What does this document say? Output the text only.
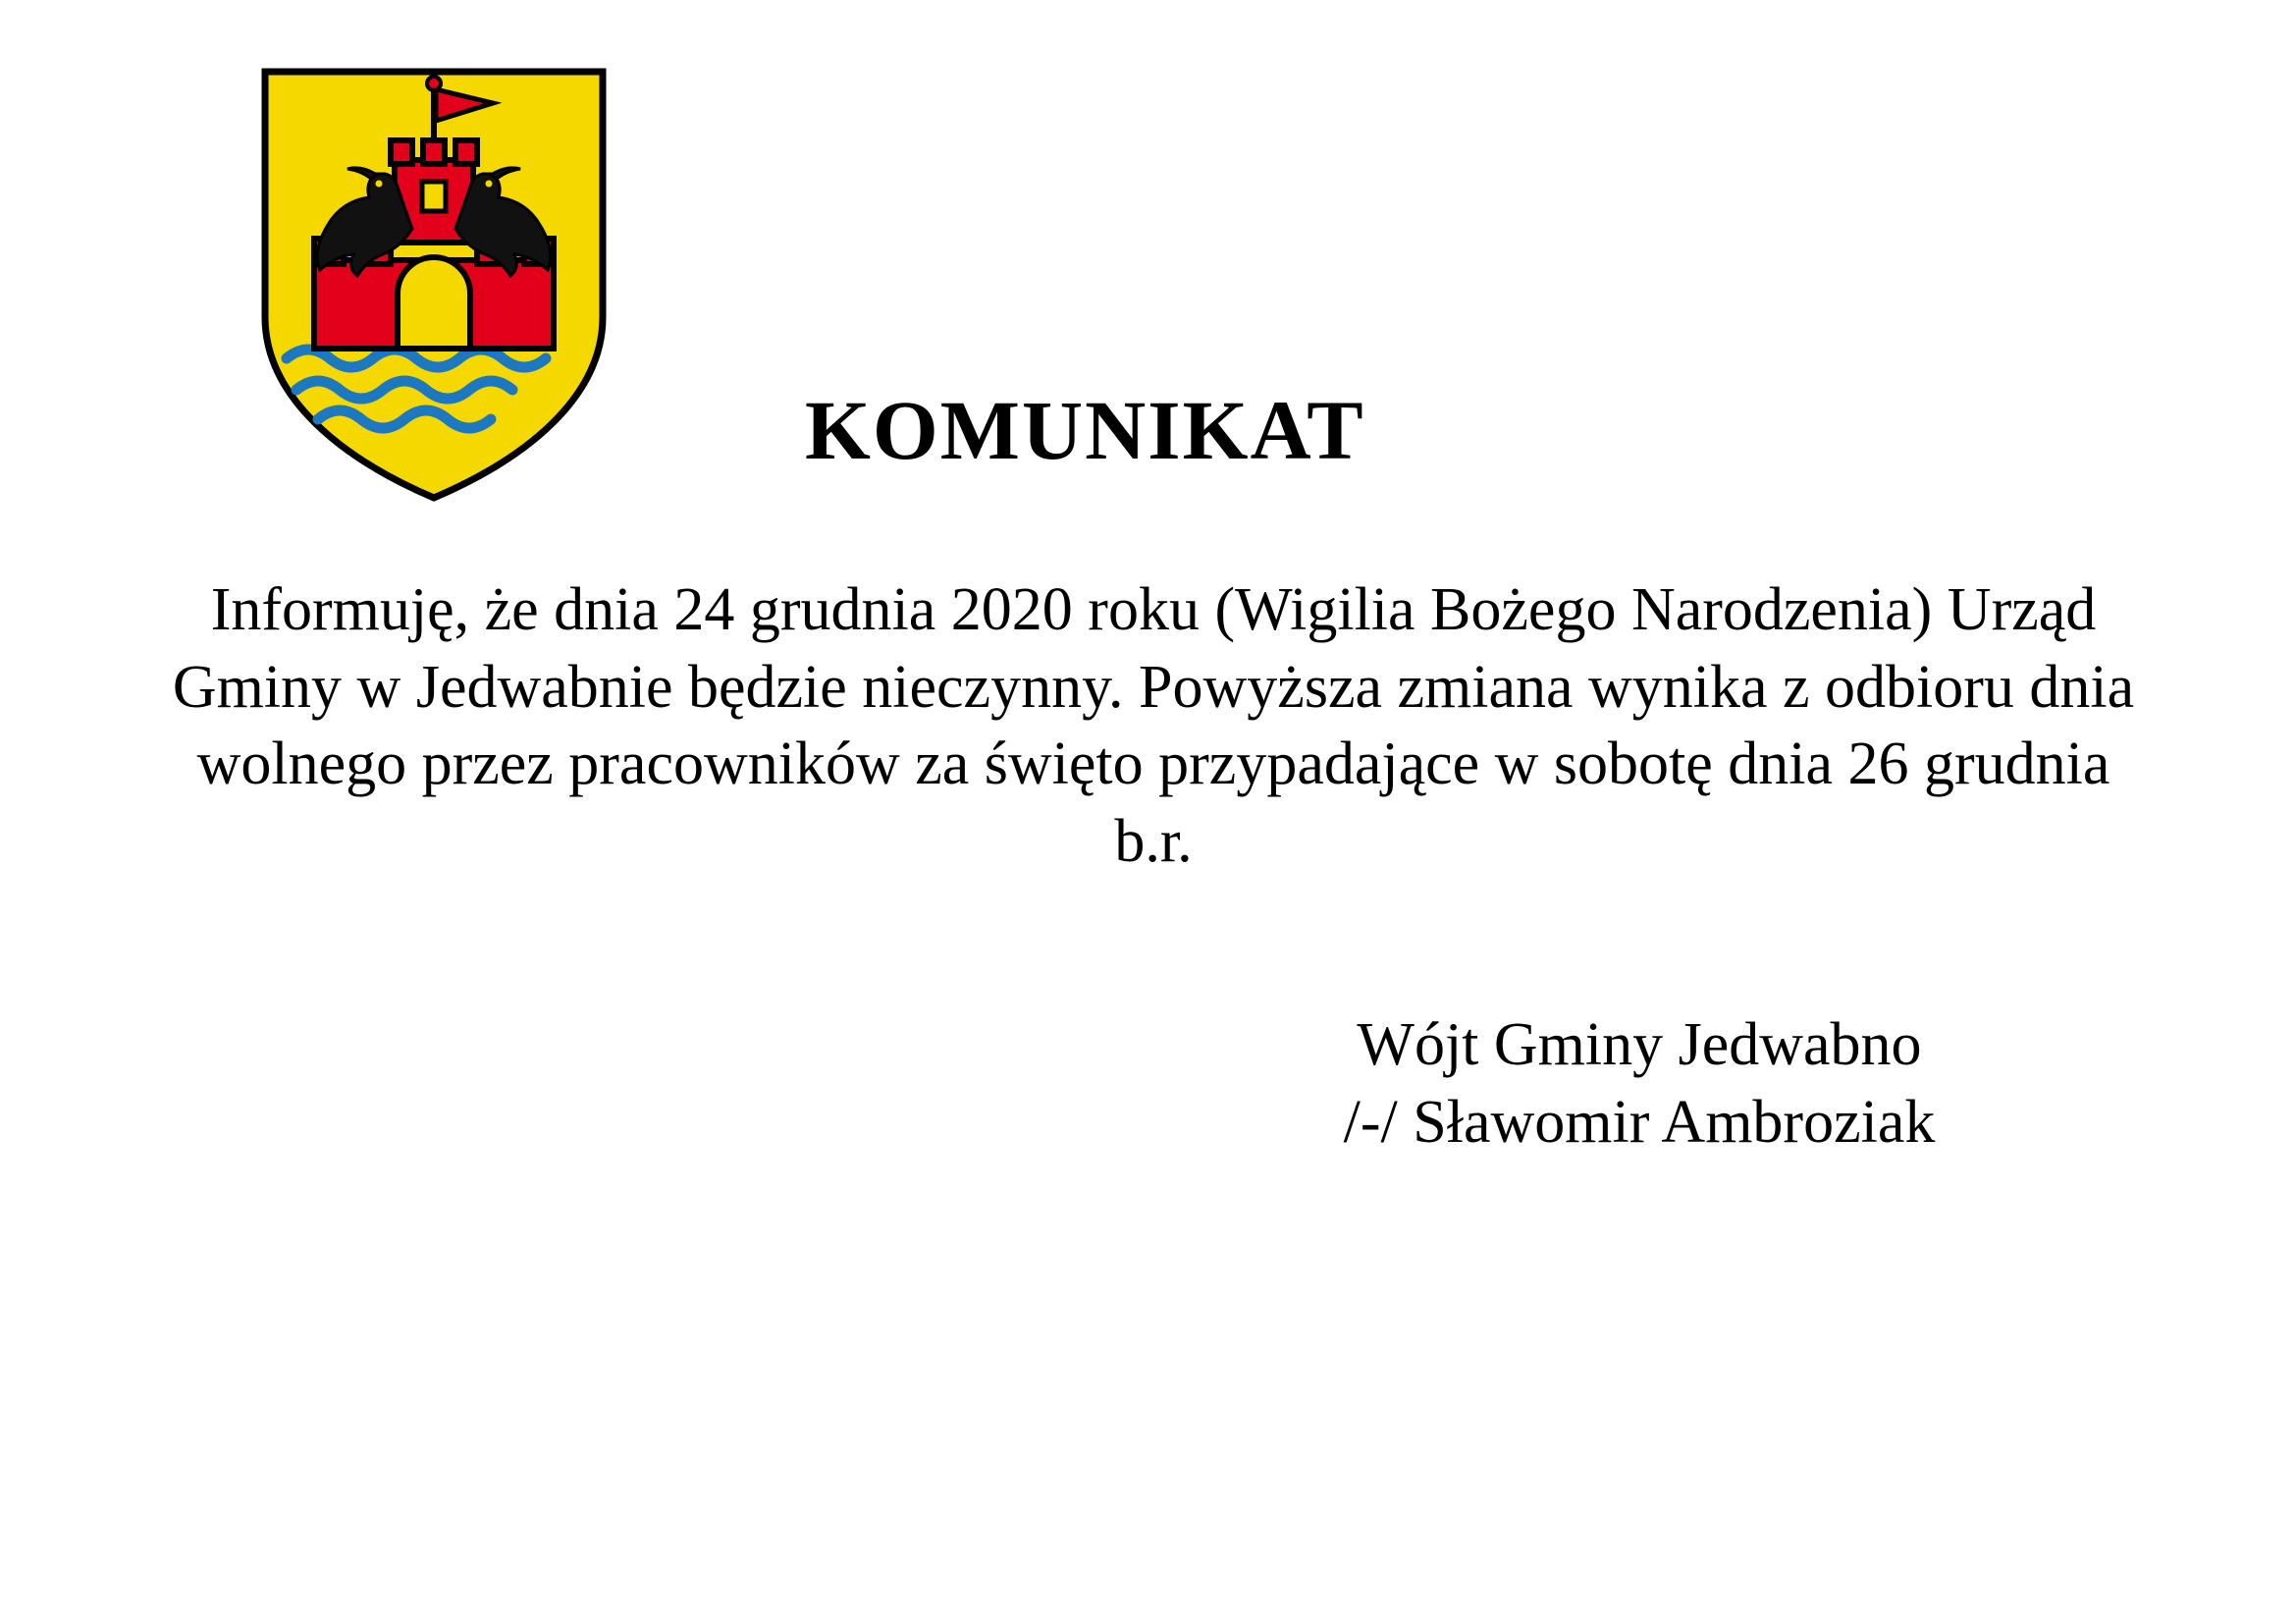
KOMUNIKAT

Informuję, że dnia 24 grudnia 2020 roku (Wigilia Bożego Narodzenia) Urząd Gminy w Jedwabnie będzie nieczynny. Powyższa zmiana wynika z odbioru dnia wolnego przez pracowników za święto przypadające w sobotę dnia 26 grudnia b.r.

Wójt Gminy Jedwabno
/-/ Sławomir Ambroziak
